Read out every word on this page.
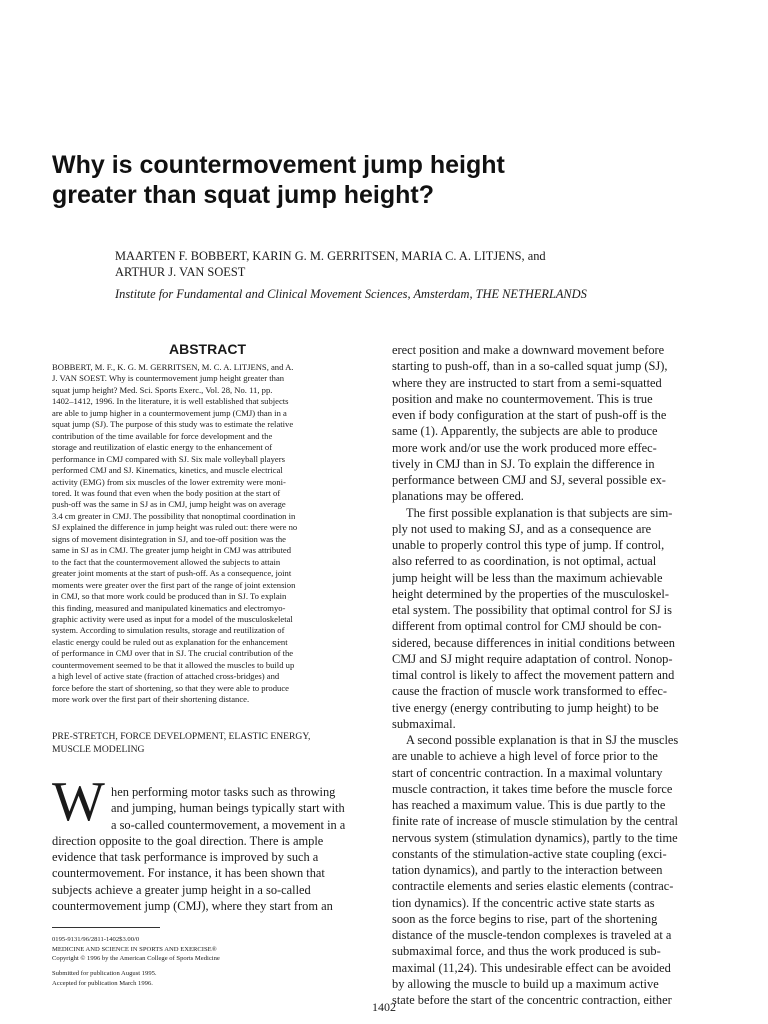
Why is countermovement jump height
greater than squat jump height?
MAARTEN F. BOBBERT, KARIN G. M. GERRITSEN, MARIA C. A. LITJENS, and
ARTHUR J. VAN SOEST
Institute for Fundamental and Clinical Movement Sciences, Amsterdam, THE NETHERLANDS
ABSTRACT
BOBBERT, M. F., K. G. M. GERRITSEN, M. C. A. LITJENS, and A.
J. VAN SOEST. Why is countermovement jump height greater than
squat jump height? Med. Sci. Sports Exerc., Vol. 28, No. 11, pp.
1402–1412, 1996. In the literature, it is well established that subjects
are able to jump higher in a countermovement jump (CMJ) than in a
squat jump (SJ). The purpose of this study was to estimate the relative
contribution of the time available for force development and the
storage and reutilization of elastic energy to the enhancement of
performance in CMJ compared with SJ. Six male volleyball players
performed CMJ and SJ. Kinematics, kinetics, and muscle electrical
activity (EMG) from six muscles of the lower extremity were moni-
tored. It was found that even when the body position at the start of
push-off was the same in SJ as in CMJ, jump height was on average
3.4 cm greater in CMJ. The possibility that nonoptimal coordination in
SJ explained the difference in jump height was ruled out: there were no
signs of movement disintegration in SJ, and toe-off position was the
same in SJ as in CMJ. The greater jump height in CMJ was attributed
to the fact that the countermovement allowed the subjects to attain
greater joint moments at the start of push-off. As a consequence, joint
moments were greater over the first part of the range of joint extension
in CMJ, so that more work could be produced than in SJ. To explain
this finding, measured and manipulated kinematics and electromyo-
graphic activity were used as input for a model of the musculoskeletal
system. According to simulation results, storage and reutilization of
elastic energy could be ruled out as explanation for the enhancement
of performance in CMJ over that in SJ. The crucial contribution of the
countermovement seemed to be that it allowed the muscles to build up
a high level of active state (fraction of attached cross-bridges) and
force before the start of shortening, so that they were able to produce
more work over the first part of their shortening distance.
PRE-STRETCH, FORCE DEVELOPMENT, ELASTIC ENERGY,
MUSCLE MODELING
W hen performing motor tasks such as throwing
and jumping, human beings typically start with
a so-called countermovement, a movement in a
direction opposite to the goal direction. There is ample
evidence that task performance is improved by such a
countermovement. For instance, it has been shown that
subjects achieve a greater jump height in a so-called
countermovement jump (CMJ), where they start from an
0195-9131/96/2811-1402$3.00/0
MEDICINE AND SCIENCE IN SPORTS AND EXERCISE®
Copyright © 1996 by the American College of Sports Medicine
Submitted for publication August 1995.
Accepted for publication March 1996.
erect position and make a downward movement before
starting to push-off, than in a so-called squat jump (SJ),
where they are instructed to start from a semi-squatted
position and make no countermovement. This is true
even if body configuration at the start of push-off is the
same (1). Apparently, the subjects are able to produce
more work and/or use the work produced more effec-
tively in CMJ than in SJ. To explain the difference in
performance between CMJ and SJ, several possible ex-
planations may be offered.
The first possible explanation is that subjects are sim-
ply not used to making SJ, and as a consequence are
unable to properly control this type of jump. If control,
also referred to as coordination, is not optimal, actual
jump height will be less than the maximum achievable
height determined by the properties of the musculoskel-
etal system. The possibility that optimal control for SJ is
different from optimal control for CMJ should be con-
sidered, because differences in initial conditions between
CMJ and SJ might require adaptation of control. Nonop-
timal control is likely to affect the movement pattern and
cause the fraction of muscle work transformed to effec-
tive energy (energy contributing to jump height) to be
submaximal.
A second possible explanation is that in SJ the muscles
are unable to achieve a high level of force prior to the
start of concentric contraction. In a maximal voluntary
muscle contraction, it takes time before the muscle force
has reached a maximum value. This is due partly to the
finite rate of increase of muscle stimulation by the central
nervous system (stimulation dynamics), partly to the time
constants of the stimulation-active state coupling (exci-
tation dynamics), and partly to the interaction between
contractile elements and series elastic elements (contrac-
tion dynamics). If the concentric active state starts as
soon as the force begins to rise, part of the shortening
distance of the muscle-tendon complexes is traveled at a
submaximal force, and thus the work produced is sub-
maximal (11,24). This undesirable effect can be avoided
by allowing the muscle to build up a maximum active
state before the start of the concentric contraction, either
1402
